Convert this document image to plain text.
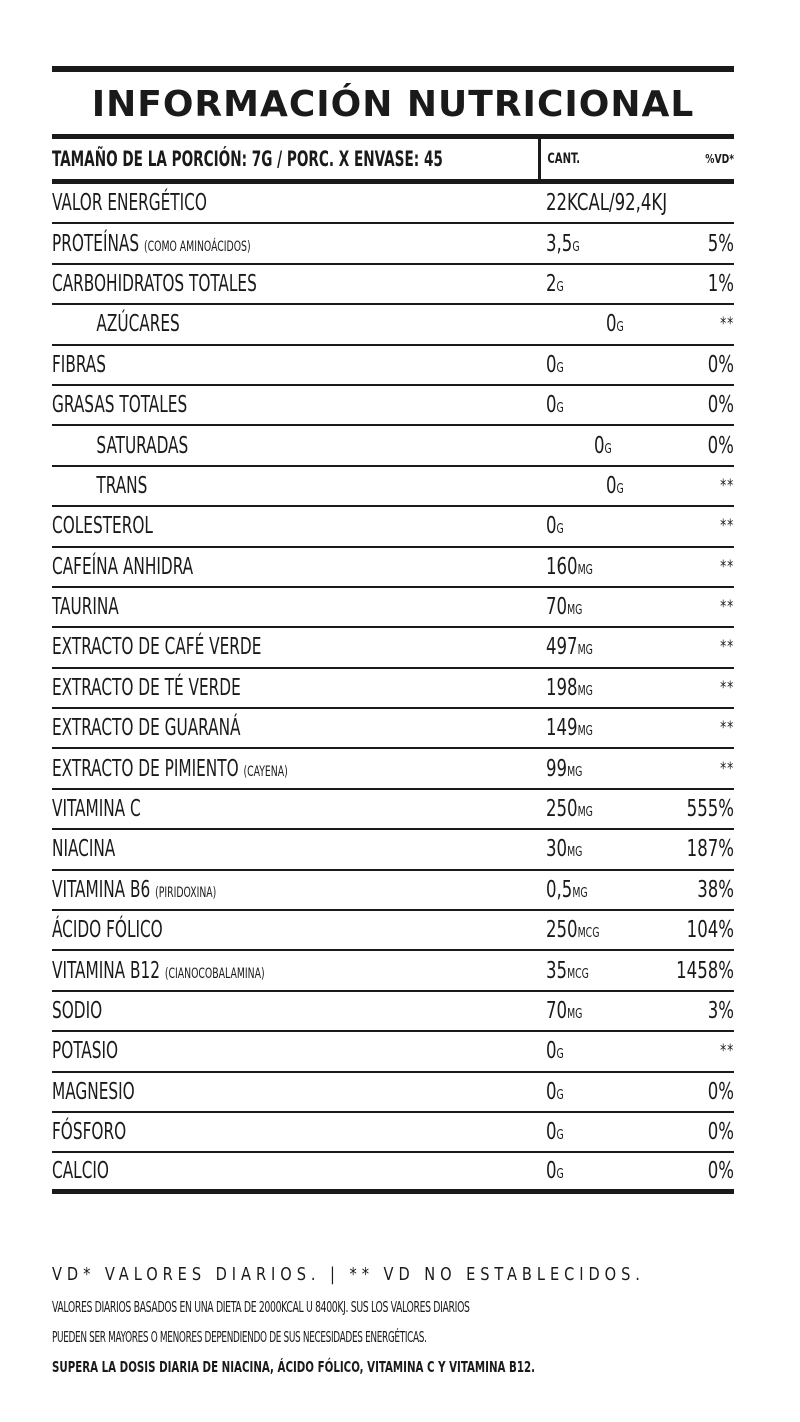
INFORMACIÓN NUTRICIONAL
TAMAÑO DE LA PORCIÓN: 7G / PORC. X ENVASE: 45	CANT.	%VD*
VALOR ENERGÉTICO	22KCAL/92,4KJ
PROTEÍNAS (COMO AMINOÁCIDOS)	3,5G	5%
CARBOHIDRATOS TOTALES	2G	1%
AZÚCARES	0G	**
FIBRAS	0G	0%
GRASAS TOTALES	0G	0%
SATURADAS	0G	0%
TRANS	0G	**
COLESTEROL	0G	**
CAFEÍNA ANHIDRA	160MG	**
TAURINA	70MG	**
EXTRACTO DE CAFÉ VERDE	497MG	**
EXTRACTO DE TÉ VERDE	198MG	**
EXTRACTO DE GUARANÁ	149MG	**
EXTRACTO DE PIMIENTO (CAYENA)	99MG	**
VITAMINA C	250MG	555%
NIACINA	30MG	187%
VITAMINA B6 (PIRIDOXINA)	0,5MG	38%
ÁCIDO FÓLICO	250MCG	104%
VITAMINA B12 (CIANOCOBALAMINA)	35MCG	1458%
SODIO	70MG	3%
POTASIO	0G	**
MAGNESIO	0G	0%
FÓSFORO	0G	0%
CALCIO	0G	0%
VD* VALORES DIARIOS. | ** VD NO ESTABLECIDOS.
VALORES DIARIOS BASADOS EN UNA DIETA DE 2000KCAL U 8400KJ. SUS LOS VALORES DIARIOS
PUEDEN SER MAYORES O MENORES DEPENDIENDO DE SUS NECESIDADES ENERGÉTICAS.
SUPERA LA DOSIS DIARIA DE NIACINA, ÁCIDO FÓLICO, VITAMINA C Y VITAMINA B12.
